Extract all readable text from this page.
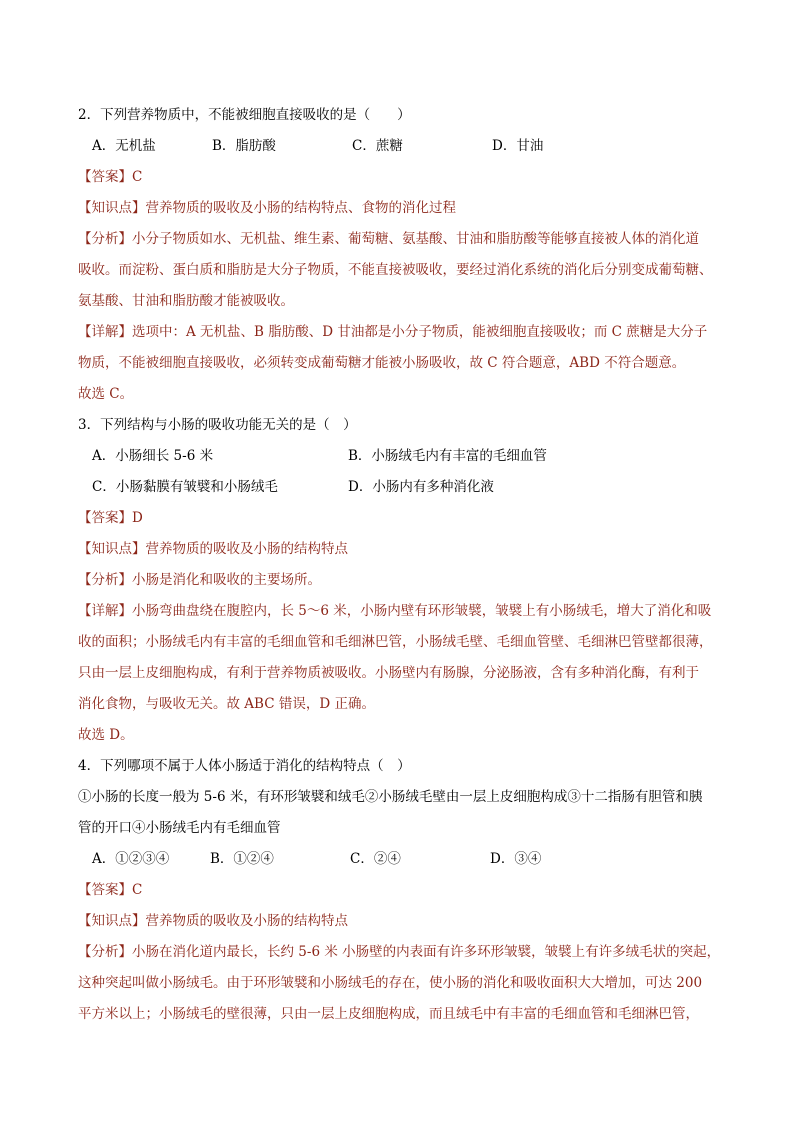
2．下列营养物质中，不能被细胞直接吸收的是（　　）
A．无机盐	B．脂肪酸	C．蔗糖	D．甘油
【答案】C
【知识点】营养物质的吸收及小肠的结构特点、食物的消化过程
【分析】小分子物质如水、无机盐、维生素、葡萄糖、氨基酸、甘油和脂肪酸等能够直接被人体的消化道
吸收。而淀粉、蛋白质和脂肪是大分子物质，不能直接被吸收，要经过消化系统的消化后分别变成葡萄糖、
氨基酸、甘油和脂肪酸才能被吸收。
【详解】选项中：A 无机盐、B 脂肪酸、D 甘油都是小分子物质，能被细胞直接吸收；而 C 蔗糖是大分子
物质，不能被细胞直接吸收，必须转变成葡萄糖才能被小肠吸收，故 C 符合题意，ABD 不符合题意。
故选 C。
3．下列结构与小肠的吸收功能无关的是（　）
A．小肠细长 5-6 米	B．小肠绒毛内有丰富的毛细血管
C．小肠黏膜有皱襞和小肠绒毛	D．小肠内有多种消化液
【答案】D
【知识点】营养物质的吸收及小肠的结构特点
【分析】小肠是消化和吸收的主要场所。
【详解】小肠弯曲盘绕在腹腔内，长 5～6 米，小肠内壁有环形皱襞，皱襞上有小肠绒毛，增大了消化和吸
收的面积；小肠绒毛内有丰富的毛细血管和毛细淋巴管，小肠绒毛壁、毛细血管壁、毛细淋巴管壁都很薄，
只由一层上皮细胞构成，有利于营养物质被吸收。小肠壁内有肠腺，分泌肠液，含有多种消化酶，有利于
消化食物，与吸收无关。故 ABC 错误，D 正确。
故选 D。
4．下列哪项不属于人体小肠适于消化的结构特点（　）
①小肠的长度一般为 5-6 米，有环形皱襞和绒毛②小肠绒毛壁由一层上皮细胞构成③十二指肠有胆管和胰
管的开口④小肠绒毛内有毛细血管
A．①②③④	B．①②④	C．②④	D．③④
【答案】C
【知识点】营养物质的吸收及小肠的结构特点
【分析】小肠在消化道内最长，长约 5-6 米 小肠壁的内表面有许多环形皱襞，皱襞上有许多绒毛状的突起，
这种突起叫做小肠绒毛。由于环形皱襞和小肠绒毛的存在，使小肠的消化和吸收面积大大增加，可达 200
平方米以上；小肠绒毛的壁很薄，只由一层上皮细胞构成，而且绒毛中有丰富的毛细血管和毛细淋巴管，
